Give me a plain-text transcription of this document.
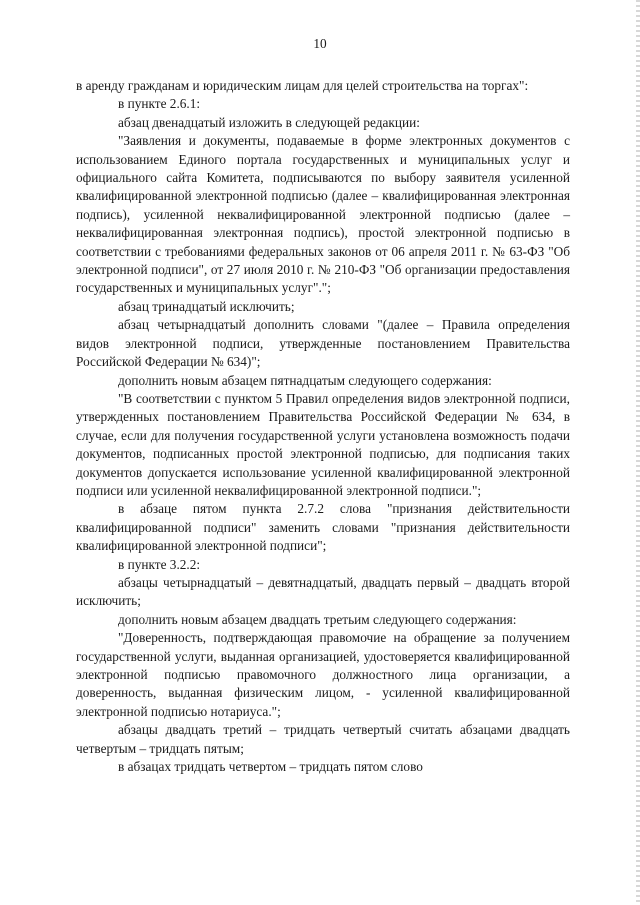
10
в аренду гражданам и юридическим лицам для целей строительства на торгах":
в пункте 2.6.1:
абзац двенадцатый изложить в следующей редакции:
"Заявления и документы, подаваемые в форме электронных документов с использованием Единого портала государственных и муниципальных услуг и официального сайта Комитета, подписываются по выбору заявителя усиленной квалифицированной электронной подписью (далее – квалифицированная электронная подпись), усиленной неквалифицированной электронной подписью (далее – неквалифицированная электронная подпись), простой электронной подписью в соответствии с требованиями федеральных законов от 06 апреля 2011 г. № 63-ФЗ "Об электронной подписи", от 27 июля 2010 г. № 210-ФЗ "Об организации предоставления государственных и муниципальных услуг".";
абзац тринадцатый исключить;
абзац четырнадцатый дополнить словами "(далее – Правила определения видов электронной подписи, утвержденные постановлением Правительства Российской Федерации № 634)";
дополнить новым абзацем пятнадцатым следующего содержания:
"В соответствии с пунктом 5 Правил определения видов электронной подписи, утвержденных постановлением Правительства Российской Федерации № 634, в случае, если для получения государственной услуги установлена возможность подачи документов, подписанных простой электронной подписью, для подписания таких документов допускается использование усиленной квалифицированной электронной подписи или усиленной неквалифицированной электронной подписи.";
в абзаце пятом пункта 2.7.2 слова "признания действительности квалифицированной подписи" заменить словами "признания действительности квалифицированной электронной подписи";
в пункте 3.2.2:
абзацы четырнадцатый – девятнадцатый, двадцать первый – двадцать второй исключить;
дополнить новым абзацем двадцать третьим следующего содержания:
"Доверенность, подтверждающая правомочие на обращение за получением государственной услуги, выданная организацией, удостоверяется квалифицированной электронной подписью правомочного должностного лица организации, а доверенность, выданная физическим лицом, - усиленной квалифицированной электронной подписью нотариуса.";
абзацы двадцать третий – тридцать четвертый считать абзацами двадцать четвертым – тридцать пятым;
в абзацах тридцать четвертом – тридцать пятом слово
